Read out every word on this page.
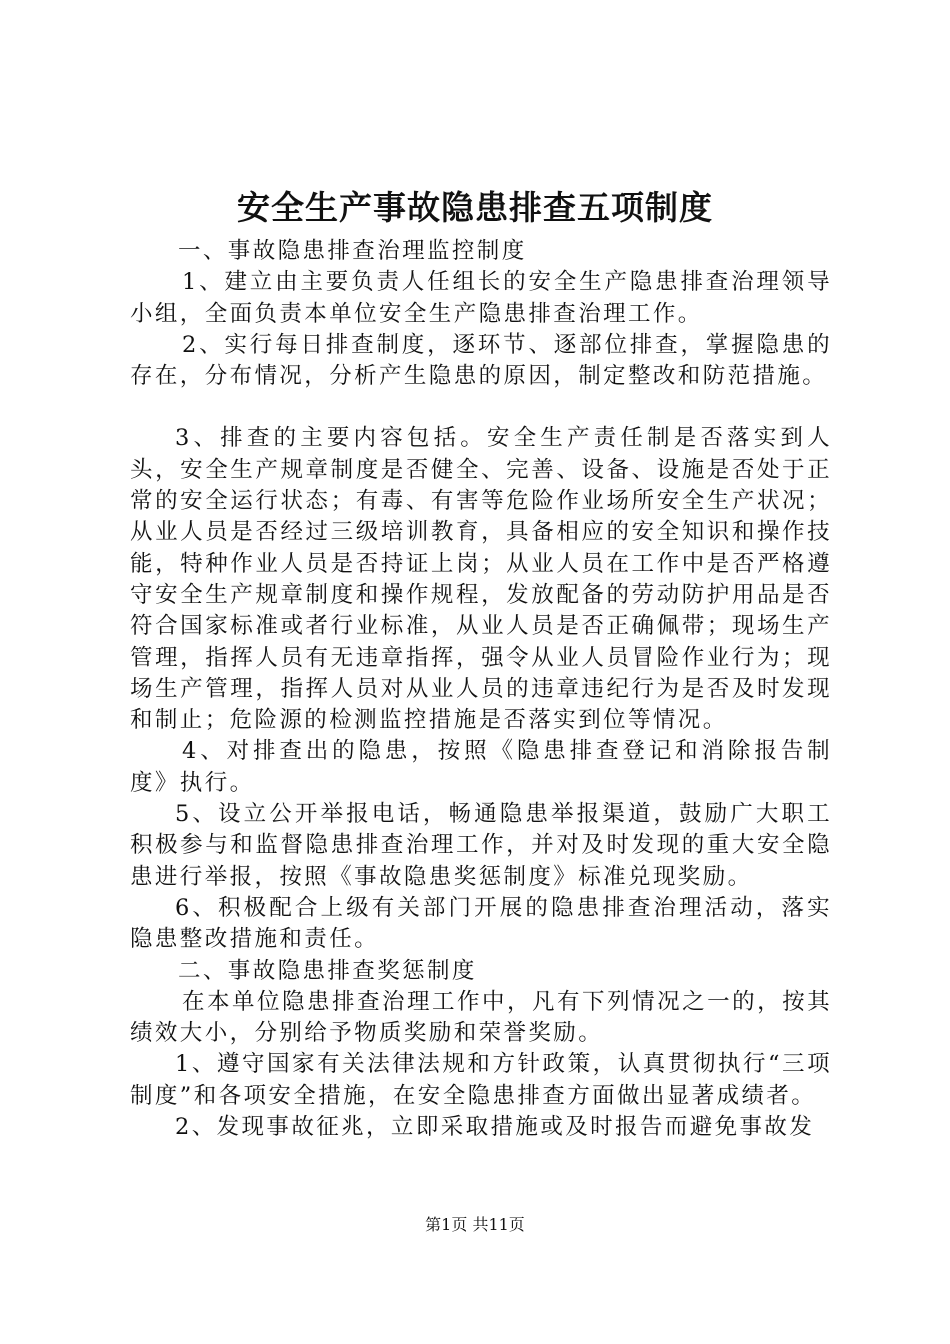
安全生产事故隐患排查五项制度

一、事故隐患排查治理监控制度

1、建立由主要负责人任组长的安全生产隐患排查治理领导小组，全面负责本单位安全生产隐患排查治理工作。

2、实行每日排查制度，逐环节、逐部位排查，掌握隐患的存在，分布情况，分析产生隐患的原因，制定整改和防范措施。

3、排查的主要内容包括。安全生产责任制是否落实到人头，安全生产规章制度是否健全、完善、设备、设施是否处于正常的安全运行状态；有毒、有害等危险作业场所安全生产状况；从业人员是否经过三级培训教育，具备相应的安全知识和操作技能，特种作业人员是否持证上岗；从业人员在工作中是否严格遵守安全生产规章制度和操作规程，发放配备的劳动防护用品是否符合国家标准或者行业标准，从业人员是否正确佩带；现场生产管理，指挥人员有无违章指挥，强令从业人员冒险作业行为；现场生产管理，指挥人员对从业人员的违章违纪行为是否及时发现和制止；危险源的检测监控措施是否落实到位等情况。

4、对排查出的隐患，按照《隐患排查登记和消除报告制度》执行。

5、设立公开举报电话，畅通隐患举报渠道，鼓励广大职工积极参与和监督隐患排查治理工作，并对及时发现的重大安全隐患进行举报，按照《事故隐患奖惩制度》标准兑现奖励。

6、积极配合上级有关部门开展的隐患排查治理活动，落实隐患整改措施和责任。

二、事故隐患排查奖惩制度

在本单位隐患排查治理工作中，凡有下列情况之一的，按其绩效大小，分别给予物质奖励和荣誉奖励。

1、遵守国家有关法律法规和方针政策，认真贯彻执行“三项制度”和各项安全措施，在安全隐患排查方面做出显著成绩者。

2、发现事故征兆，立即采取措施或及时报告而避免事故发

第1页 共11页
